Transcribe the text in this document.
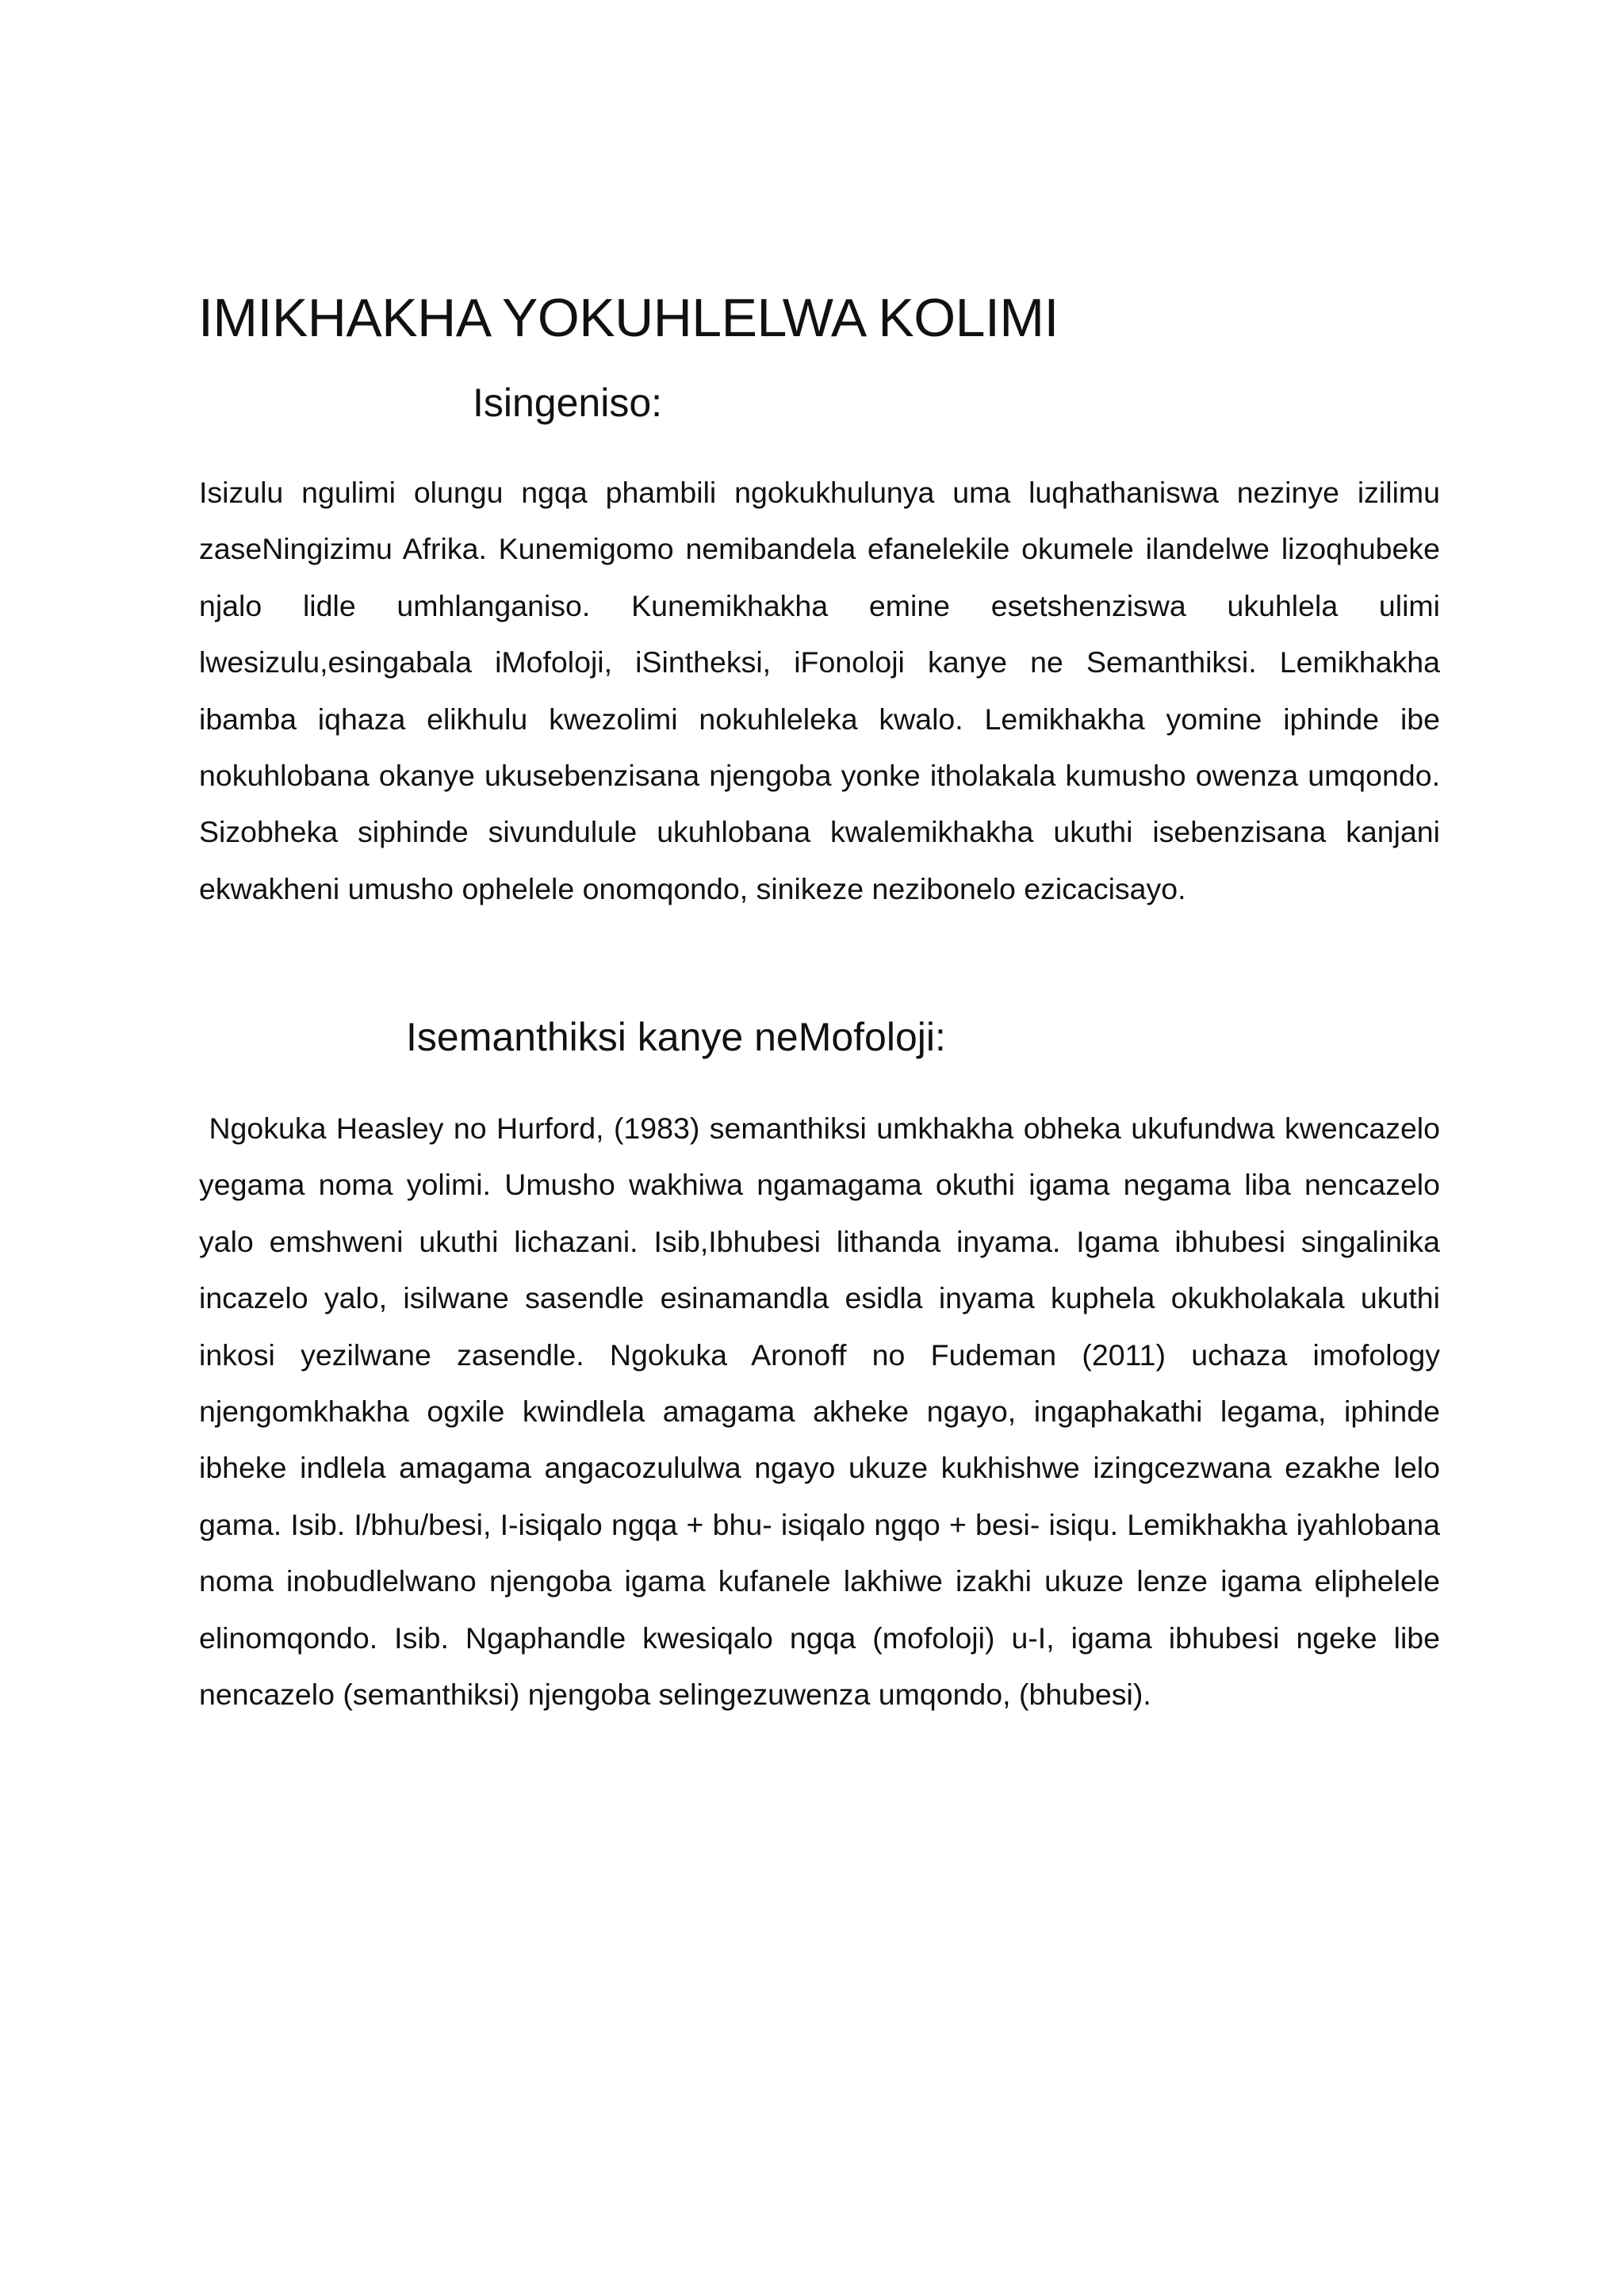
IMIKHAKHA YOKUHLELWA KOLIMI
Isingeniso:

Isizulu ngulimi olungu ngqa phambili ngokukhulunya uma luqhathaniswa nezinye izilimu zaseNingizimu Afrika. Kunemigomo nemibandela efanelekile okumele ilandelwe lizoqhubeke njalo lidle umhlanganiso. Kunemikhakha emine esetshenziswa ukuhlela ulimi lwesizulu,esingabala iMofoloji, iSintheksi, iFonoloji kanye ne Semanthiksi. Lemikhakha ibamba iqhaza elikhulu kwezolimi nokuhleleka kwalo. Lemikhakha yomine iphinde ibe nokuhlobana okanye ukusebenzisana njengoba yonke itholakala kumusho owenza umqondo. Sizobheka siphinde sivundulule ukuhlobana kwalemikhakha ukuthi isebenzisana kanjani ekwakheni umusho ophelele onomqondo, sinikeze nezibonelo ezicacisayo.

Isemanthiksi kanye neMofoloji:

Ngokuka Heasley no Hurford, (1983) semanthiksi umkhakha obheka ukufundwa kwencazelo yegama noma yolimi. Umusho wakhiwa ngamagama okuthi igama negama liba nencazelo yalo emshweni ukuthi lichazani. Isib,Ibhubesi lithanda inyama. Igama ibhubesi singalinika incazelo yalo, isilwane sasendle esinamandla esidla inyama kuphela okukholakala ukuthi inkosi yezilwane zasendle. Ngokuka Aronoff no Fudeman (2011) uchaza imofology njengomkhakha ogxile kwindlela amagama akheke ngayo, ingaphakathi legama, iphinde ibheke indlela amagama angacozululwa ngayo ukuze kukhishwe izingcezwana ezakhe lelo gama. Isib. I/bhu/besi, I-isiqalo ngqa + bhu- isiqalo ngqo + besi- isiqu. Lemikhakha iyahlobana noma inobudlelwano njengoba igama kufanele lakhiwe izakhi ukuze lenze igama eliphelele elinomqondo. Isib. Ngaphandle kwesiqalo ngqa (mofoloji) u-I, igama ibhubesi ngeke libe nencazelo (semanthiksi) njengoba selingezuwenza umqondo, (bhubesi).
